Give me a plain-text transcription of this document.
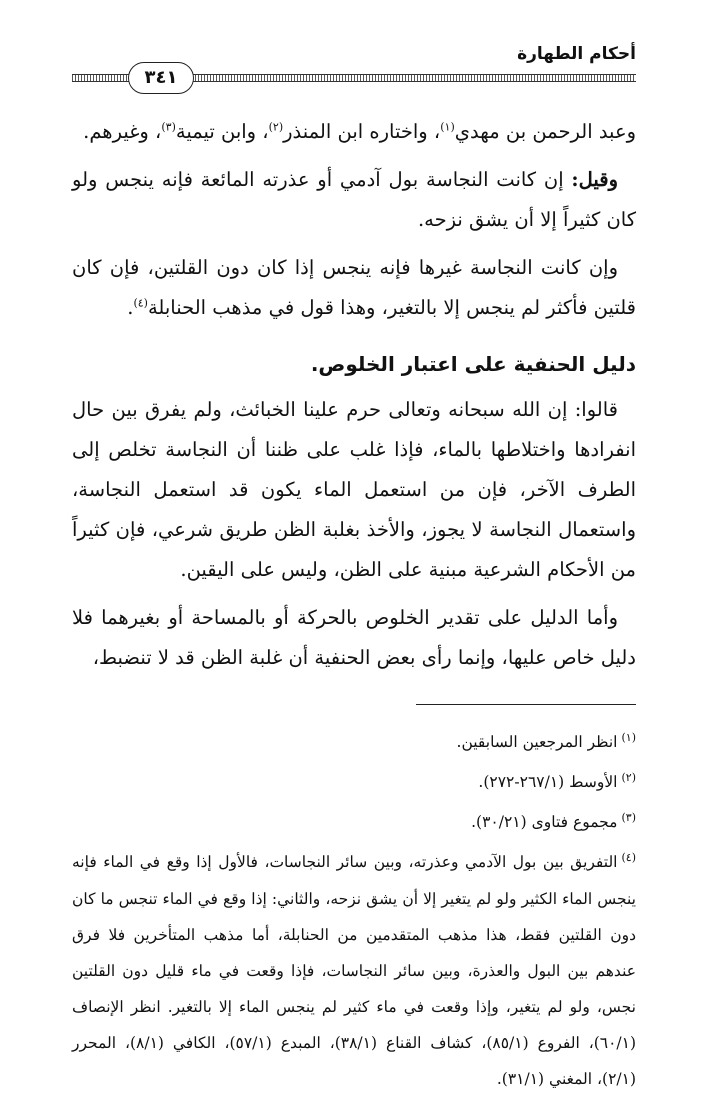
أحكام الطهارة
٣٤١

وعبد الرحمن بن مهدي$^{(١)}$، واختاره ابن المنذر$^{(٢)}$، وابن تيمية$^{(٣)}$، وغيرهم.

وقيل: إن كانت النجاسة بول آدمي أو عذرته المائعة فإنه ينجس ولو كان كثيراً إلا أن يشق نزحه.

وإن كانت النجاسة غيرها فإنه ينجس إذا كان دون القلتين، فإن كان قلتين فأكثر لم ينجس إلا بالتغير، وهذا قول في مذهب الحنابلة$^{(٤)}$.

دليل الحنفية على اعتبار الخلوص.

قالوا: إن الله سبحانه وتعالى حرم علينا الخبائث، ولم يفرق بين حال انفرادها واختلاطها بالماء، فإذا غلب على ظننا أن النجاسة تخلص إلى الطرف الآخر، فإن من استعمل الماء يكون قد استعمل النجاسة، واستعمال النجاسة لا يجوز، والأخذ بغلبة الظن طريق شرعي، فإن كثيراً من الأحكام الشرعية مبنية على الظن، وليس على اليقين.

وأما الدليل على تقدير الخلوص بالحركة أو بالمساحة أو بغيرهما فلا دليل خاص عليها، وإنما رأى بعض الحنفية أن غلبة الظن قد لا تنضبط،

$^{(١)}$انظر المرجعين السابقين.

$^{(٢)}$الأوسط (٢٦٧/١-٢٧٢).

$^{(٣)}$مجموع فتاوى (٣٠/٢١).

$^{(٤)}$التفريق بين بول الآدمي وعذرته، وبين سائر النجاسات، فالأول إذا وقع في الماء فإنه ينجس الماء الكثير ولو لم يتغير إلا أن يشق نزحه، والثاني: إذا وقع في الماء تنجس ما كان دون القلتين فقط، هذا مذهب المتقدمين من الحنابلة، أما مذهب المتأخرين فلا فرق عندهم بين البول والعذرة، وبين سائر النجاسات، فإذا وقعت في ماء قليل دون القلتين نجس، ولو لم يتغير، وإذا وقعت في ماء كثير لم ينجس الماء إلا بالتغير. انظر الإنصاف (٦٠/١)، الفروع (٨٥/١)، كشاف القناع (٣٨/١)، المبدع (٥٧/١)، الكافي (٨/١)، المحرر (٢/١)، المغني (٣١/١).
